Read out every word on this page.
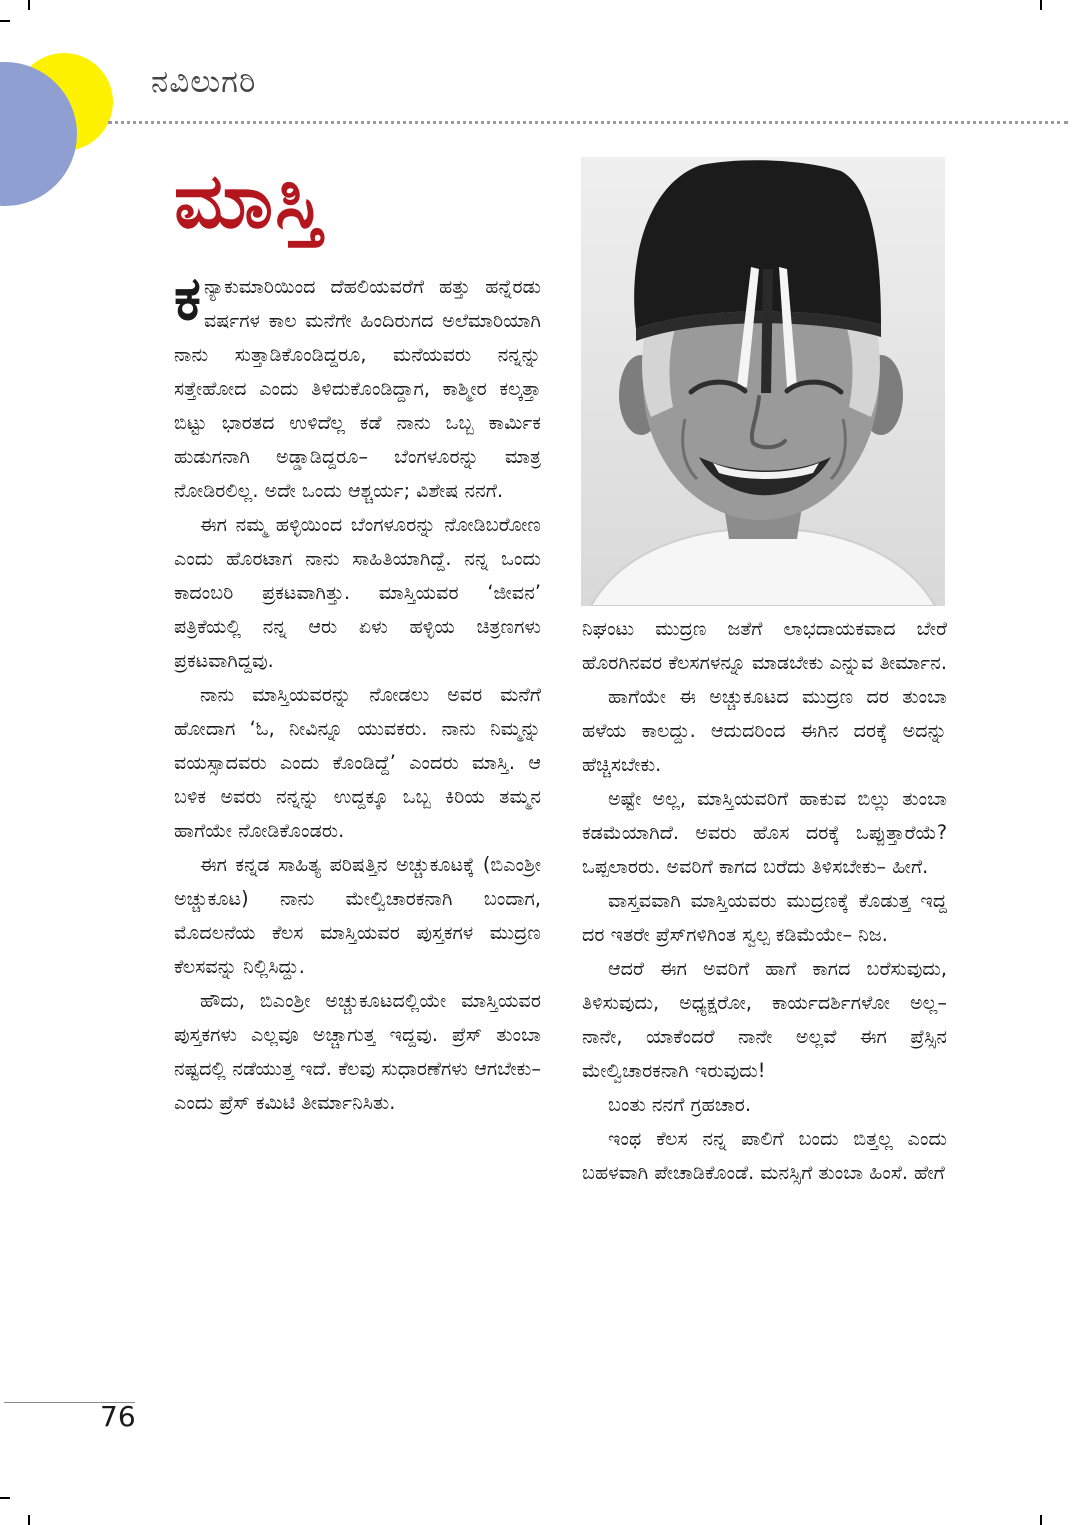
ನವಿಲುಗರಿ
ಮಾಸ್ತಿ

ಕನ್ಯಾಕುಮಾರಿಯಿಂದ ದೆಹಲಿಯವರೆಗೆ ಹತ್ತು ಹನ್ನೆರಡು ವರ್ಷಗಳ ಕಾಲ ಮನೆಗೇ ಹಿಂದಿರುಗದ ಅಲೆಮಾರಿಯಾಗಿ ನಾನು ಸುತ್ತಾಡಿಕೊಂಡಿದ್ದರೂ, ಮನೆಯವರು ನನ್ನನ್ನು ಸತ್ತೇಹೋದ ಎಂದು ತಿಳಿದುಕೊಂಡಿದ್ದಾಗ, ಕಾಶ್ಮೀರ ಕಲ್ಕತ್ತಾ ಬಿಟ್ಟು ಭಾರತದ ಉಳಿದೆಲ್ಲ ಕಡೆ ನಾನು ಒಬ್ಬ ಕಾರ್ಮಿಕ ಹುಡುಗನಾಗಿ ಅಡ್ಡಾಡಿದ್ದರೂ– ಬೆಂಗಳೂರನ್ನು ಮಾತ್ರ ನೋಡಿರಲಿಲ್ಲ. ಅದೇ ಒಂದು ಆಶ್ಚರ್ಯ; ವಿಶೇಷ ನನಗೆ.

ಈಗ ನಮ್ಮ ಹಳ್ಳಿಯಿಂದ ಬೆಂಗಳೂರನ್ನು ನೋಡಿಬರೋಣ ಎಂದು ಹೊರಟಾಗ ನಾನು ಸಾಹಿತಿಯಾಗಿದ್ದೆ. ನನ್ನ ಒಂದು ಕಾದಂಬರಿ ಪ್ರಕಟವಾಗಿತ್ತು. ಮಾಸ್ತಿಯವರ ‘ಜೀವನ’ ಪತ್ರಿಕೆಯಲ್ಲಿ ನನ್ನ ಆರು ಏಳು ಹಳ್ಳಿಯ ಚಿತ್ರಣಗಳು ಪ್ರಕಟವಾಗಿದ್ದವು.

ನಾನು ಮಾಸ್ತಿಯವರನ್ನು ನೋಡಲು ಅವರ ಮನೆಗೆ ಹೋದಾಗ ‘ಓ, ನೀವಿನ್ನೂ ಯುವಕರು. ನಾನು ನಿಮ್ಮನ್ನು ವಯಸ್ಸಾದವರು ಎಂದು ಕೊಂಡಿದ್ದೆ’ ಎಂದರು ಮಾಸ್ತಿ. ಆ ಬಳಿಕ ಅವರು ನನ್ನನ್ನು ಉದ್ದಕ್ಕೂ ಒಬ್ಬ ಕಿರಿಯ ತಮ್ಮನ ಹಾಗೆಯೇ ನೋಡಿಕೊಂಡರು.

ಈಗ ಕನ್ನಡ ಸಾಹಿತ್ಯ ಪರಿಷತ್ತಿನ ಅಚ್ಚುಕೂಟಕ್ಕೆ (ಬಿಎಂಶ್ರೀ ಅಚ್ಚುಕೂಟ) ನಾನು ಮೇಲ್ವಿಚಾರಕನಾಗಿ ಬಂದಾಗ, ಮೊದಲನೆಯ ಕೆಲಸ ಮಾಸ್ತಿಯವರ ಪುಸ್ತಕಗಳ ಮುದ್ರಣ ಕೆಲಸವನ್ನು ನಿಲ್ಲಿಸಿದ್ದು.

ಹೌದು, ಬಿಎಂಶ್ರೀ ಅಚ್ಚುಕೂಟದಲ್ಲಿಯೇ ಮಾಸ್ತಿಯವರ ಪುಸ್ತಕಗಳು ಎಲ್ಲವೂ ಅಚ್ಚಾಗುತ್ತ ಇದ್ದವು. ಪ್ರೆಸ್ ತುಂಬಾ ನಷ್ಟದಲ್ಲಿ ನಡೆಯುತ್ತ ಇದೆ. ಕೆಲವು ಸುಧಾರಣೆಗಳು ಆಗಬೇಕು– ಎಂದು ಪ್ರೆಸ್ ಕಮಿಟಿ ತೀರ್ಮಾನಿಸಿತು.

ನಿಘಂಟು ಮುದ್ರಣ ಜತೆಗೆ ಲಾಭದಾಯಕವಾದ ಬೇರೆ ಹೊರಗಿನವರ ಕೆಲಸಗಳನ್ನೂ ಮಾಡಬೇಕು ಎನ್ನುವ ತೀರ್ಮಾನ.

ಹಾಗೆಯೇ ಈ ಅಚ್ಚುಕೂಟದ ಮುದ್ರಣ ದರ ತುಂಬಾ ಹಳೆಯ ಕಾಲದ್ದು. ಆದುದರಿಂದ ಈಗಿನ ದರಕ್ಕೆ ಅದನ್ನು ಹೆಚ್ಚಿಸಬೇಕು.

ಅಷ್ಟೇ ಅಲ್ಲ, ಮಾಸ್ತಿಯವರಿಗೆ ಹಾಕುವ ಬಿಲ್ಲು ತುಂಬಾ ಕಡಮೆಯಾಗಿದೆ. ಅವರು ಹೊಸ ದರಕ್ಕೆ ಒಪ್ಪುತ್ತಾರೆಯೆ? ಒಪ್ಪಲಾರರು. ಅವರಿಗೆ ಕಾಗದ ಬರೆದು ತಿಳಿಸಬೇಕು– ಹೀಗೆ.

ವಾಸ್ತವವಾಗಿ ಮಾಸ್ತಿಯವರು ಮುದ್ರಣಕ್ಕೆ ಕೊಡುತ್ತ ಇದ್ದ ದರ ಇತರೇ ಪ್ರೆಸ್‌ಗಳಿಗಿಂತ ಸ್ವಲ್ಪ ಕಡಿಮೆಯೇ– ನಿಜ.

ಆದರೆ ಈಗ ಅವರಿಗೆ ಹಾಗೆ ಕಾಗದ ಬರೆಸುವುದು, ತಿಳಿಸುವುದು, ಅಧ್ಯಕ್ಷರೋ, ಕಾರ್ಯದರ್ಶಿಗಳೋ ಅಲ್ಲ– ನಾನೇ, ಯಾಕೆಂದರೆ ನಾನೇ ಅಲ್ಲವೆ ಈಗ ಪ್ರೆಸ್ಸಿನ ಮೇಲ್ವಿಚಾರಕನಾಗಿ ಇರುವುದು!

ಬಂತು ನನಗೆ ಗ್ರಹಚಾರ.

ಇಂಥ ಕೆಲಸ ನನ್ನ ಪಾಲಿಗೆ ಬಂದು ಬಿತ್ತಲ್ಲ ಎಂದು ಬಹಳವಾಗಿ ಪೇಚಾಡಿಕೊಂಡೆ. ಮನಸ್ಸಿಗೆ ತುಂಬಾ ಹಿಂಸೆ. ಹೇಗೆ

76
